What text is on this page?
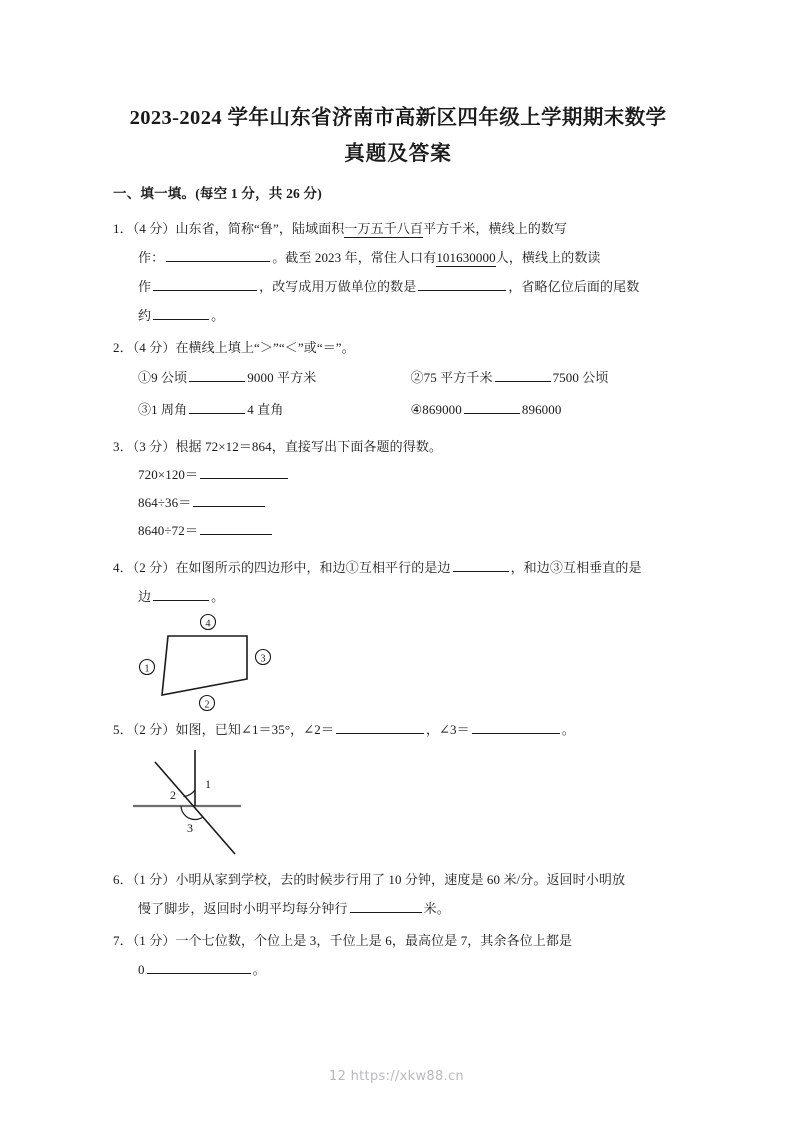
2023-2024 学年山东省济南市高新区四年级上学期期末数学
真题及答案
一、填一填。(每空 1 分，共 26 分)
1．（4 分）山东省，简称“鲁”，陆域面积一万五千八百平方千米，横线上的数写
作：	。截至 2023 年，常住人口有101630000人，横线上的数读
作	，改写成用万做单位的数是	，省略亿位后面的尾数
约	。
2．（4 分）在横线上填上“＞”“＜”或“＝”。
①9 公顷	9000 平方米	②75 平方千米	7500 公顷
③1 周角	4 直角	④869000	896000
3．（3 分）根据 72×12＝864，直接写出下面各题的得数。
720×120＝
864÷36＝
8640÷72＝
4．（2 分）在如图所示的四边形中，和边①互相平行的是边	，和边③互相垂直的是
边	。
4
3
1
2
5．（2 分）如图，已知∠1＝35°，∠2＝	，∠3＝	。
1
2
3
6．（1 分）小明从家到学校，去的时候步行用了 10 分钟，速度是 60 米/分。返回时小明放
慢了脚步，返回时小明平均每分钟行	米。
7．（1 分）一个七位数，个位上是 3，千位上是 6，最高位是 7，其余各位上都是
0	。
12 https://xkw88.cn
